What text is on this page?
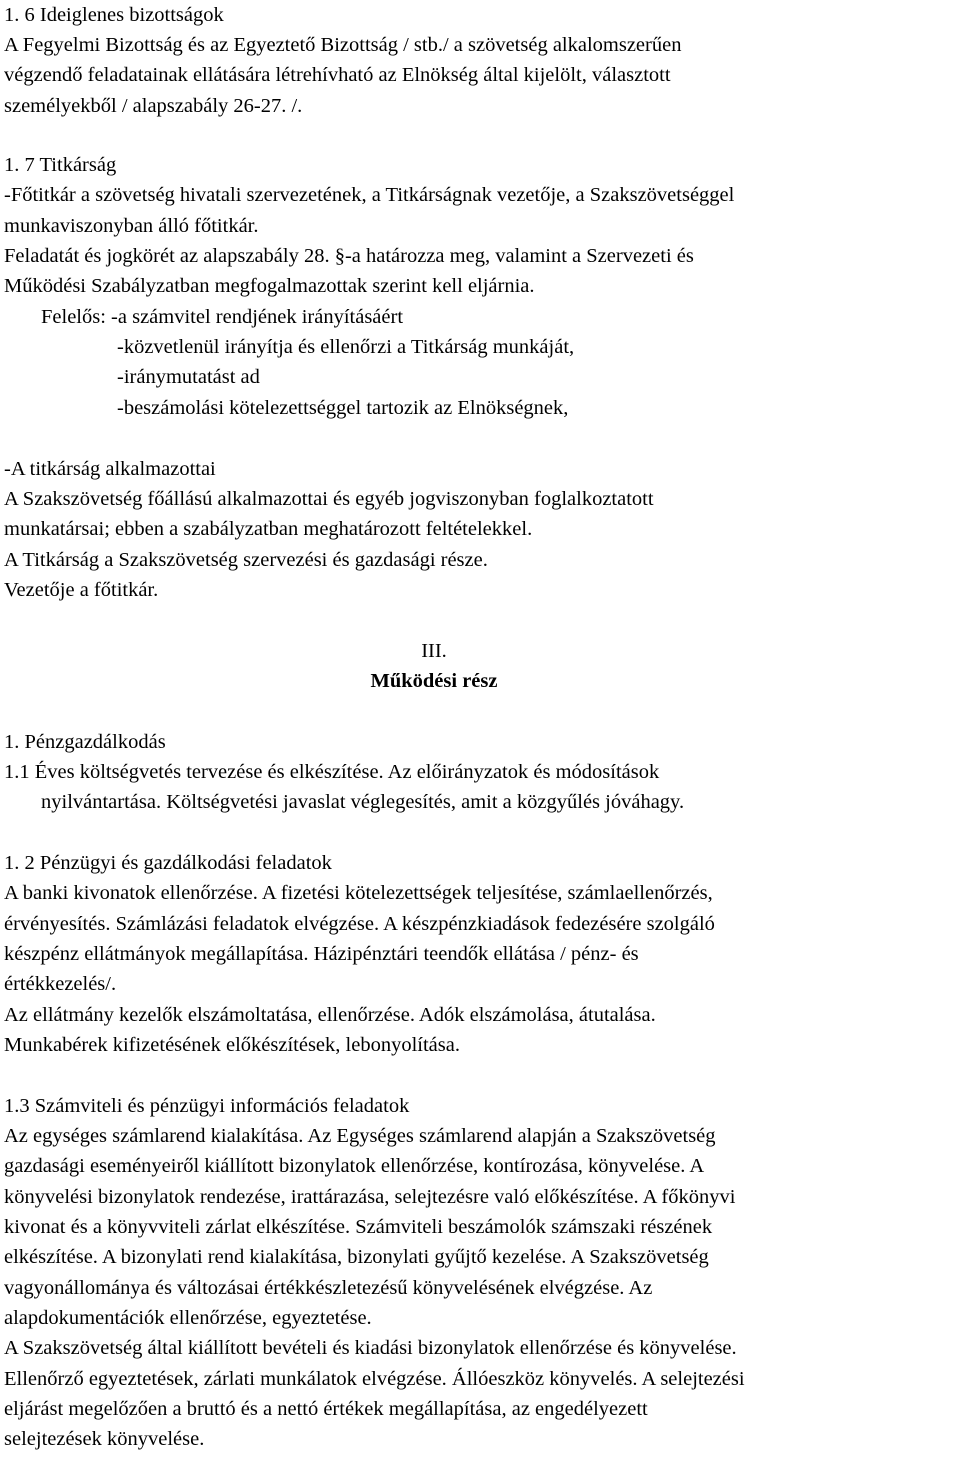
1. 6 Ideiglenes bizottságok
A Fegyelmi Bizottság és az Egyeztető Bizottság / stb./ a szövetség alkalomszerűen
végzendő feladatainak ellátására létrehívható az Elnökség által kijelölt, választott
személyekből / alapszabály 26-27. /.
1. 7 Titkárság
-Főtitkár a szövetség hivatali szervezetének, a Titkárságnak vezetője, a Szakszövetséggel
munkaviszonyban álló főtitkár.
Feladatát és jogkörét az alapszabály 28. §-a határozza meg, valamint a Szervezeti és
Működési Szabályzatban megfogalmazottak szerint kell eljárnia.
Felelős: -a számvitel rendjének irányításáért
-közvetlenül irányítja és ellenőrzi a Titkárság munkáját,
-iránymutatást ad
-beszámolási kötelezettséggel tartozik az Elnökségnek,
-A titkárság alkalmazottai
A Szakszövetség főállású alkalmazottai és egyéb jogviszonyban foglalkoztatott
munkatársai; ebben a szabályzatban meghatározott feltételekkel.
A Titkárság a Szakszövetség szervezési és gazdasági része.
Vezetője a főtitkár.
III.
Működési rész
1. Pénzgazdálkodás
1.1 Éves költségvetés tervezése és elkészítése. Az előirányzatok és módosítások
nyilvántartása. Költségvetési javaslat véglegesítés, amit a közgyűlés jóváhagy.
1. 2 Pénzügyi és gazdálkodási feladatok
A banki kivonatok ellenőrzése. A fizetési kötelezettségek teljesítése, számlaellenőrzés,
érvényesítés. Számlázási feladatok elvégzése. A készpénzkiadások fedezésére szolgáló
készpénz ellátmányok megállapítása. Házipénztári teendők ellátása / pénz- és
értékkezelés/.
Az ellátmány kezelők elszámoltatása, ellenőrzése. Adók elszámolása, átutalása.
Munkabérek kifizetésének előkészítések, lebonyolítása.
1.3 Számviteli és pénzügyi információs feladatok
Az egységes számlarend kialakítása. Az Egységes számlarend alapján a Szakszövetség
gazdasági eseményeiről kiállított bizonylatok ellenőrzése, kontírozása, könyvelése. A
könyvelési bizonylatok rendezése, irattárazása, selejtezésre való előkészítése. A főkönyvi
kivonat és a könyvviteli zárlat elkészítése. Számviteli beszámolók számszaki részének
elkészítése. A bizonylati rend kialakítása, bizonylati gyűjtő kezelése. A Szakszövetség
vagyonállománya és változásai értékkészletezésű könyvelésének elvégzése. Az
alapdokumentációk ellenőrzése, egyeztetése.
A Szakszövetség által kiállított bevételi és kiadási bizonylatok ellenőrzése és könyvelése.
Ellenőrző egyeztetések, zárlati munkálatok elvégzése. Állóeszköz könyvelés. A selejtezési
eljárást megelőzően a bruttó és a nettó értékek megállapítása, az engedélyezett
selejtezések könyvelése.
